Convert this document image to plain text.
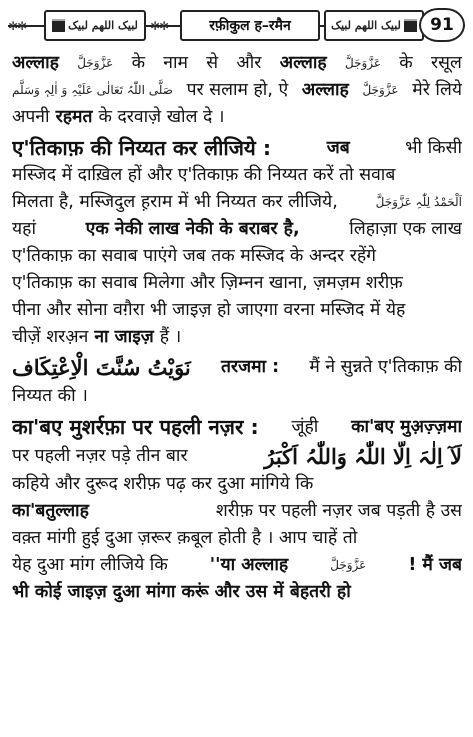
✲✲	لبیک اللھم لبیک ✲✲	रफ़ीकुल ह–रमैन	لبیک اللھم لبیک	91
अल्लाह عَزَّوَجَلَّ के नाम से और अल्लाह عَزَّوَجَلَّ के रसूल
صَلَّی اللّٰہُ تَعَالٰی عَلَیْہِ وَ اٰلِہٖ وَسَلَّم पर सलाम हो, ऐ अल्लाह عَزَّوَجَلَّ मेरे लिये
अपनी रहमत के दरवाज़े खोल दे ।
ए'तिकाफ़ की निय्यत कर लीजिये :	जब	भी किसी
मस्जिद में दाख़िल हों और ए'तिकाफ़ की निय्यत करें तो सवाब
मिलता है, मस्जिदुल ह़राम में भी निय्यत कर लीजिये,	اَلْحَمْدُ لِلّٰہِ عَزَّوَجَلَّ
यहां	एक नेकी लाख नेकी के बराबर है,	लिहाज़ा एक लाख
ए'तिकाफ़ का सवाब पाएंगे जब तक मस्जिद के अन्दर रहेंगे
ए'तिकाफ़ का सवाब मिलेगा और ज़िम्नन खाना, ज़मज़म शरीफ़
पीना और सोना वग़ैरा भी जाइज़ हो जाएगा वरना मस्जिद में येह
चीज़ें शरअ़न ना जाइज़ हैं ।
نَوَیْتُ سُنَّتَ الْاِعْتِکَاف तरजमा : मैं ने सुन्नते ए'तिकाफ़ की
निय्यत की ।
का'बए मुशर्रफ़ा पर पहली नज़र : जूंही का'बए मुअ़ज़्ज़मा
पर पहली नज़र पड़े तीन बार	لَآ اِلٰہَ اِلَّا اللّٰہُ وَاللّٰہُ اَکْبَرُ
कहिये और दुरूद शरीफ़ पढ़ कर दुआ मांगिये कि
का'बतुल्लाह	शरीफ़ पर पहली नज़र जब पड़ती है उस
वक़्त मांगी हुई दुआ ज़रूर क़बूल होती है । आप चाहें तो
येह दुआ मांग लीजिये कि ''या अल्लाह	عَزَّوَجَلَّ ! मैं जब
भी कोई जाइज़ दुआ मांगा करूं और उस में बेहतरी हो
